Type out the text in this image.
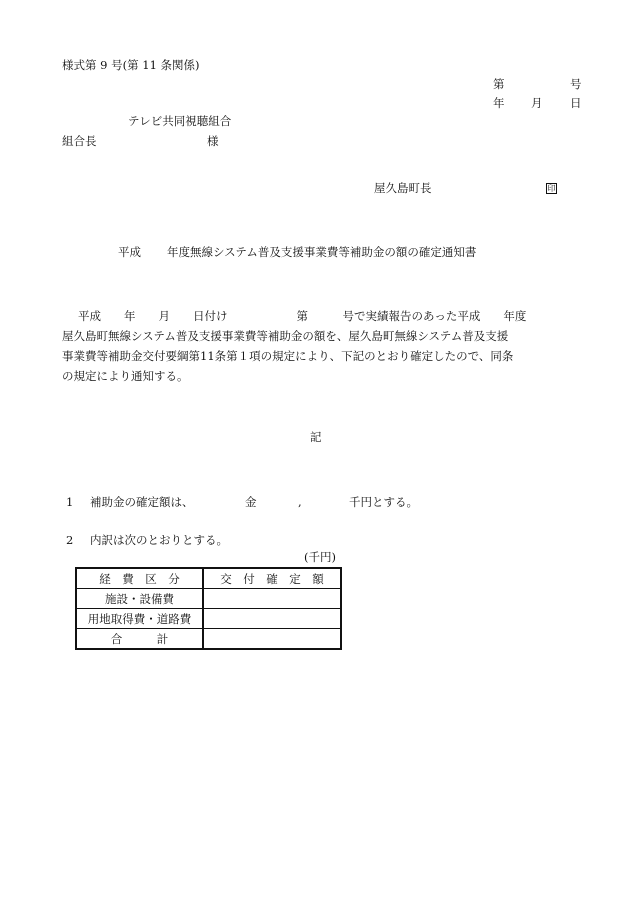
様式第 9 号(第 11 条関係)
第	号
年 月 日
テレビ共同視聴組合
組合長	様
屋久島町長	印
平成 年度無線システム普及支援事業費等補助金の額の確定通知書
平成　　年　　月　　日付け　　　　　　第　　　号で実績報告のあった平成　　年度
屋久島町無線システム普及支援事業費等補助金の額を、屋久島町無線システム普及支援
事業費等補助金交付要綱第11条第１項の規定により、下記のとおり確定したので、同条
の規定により通知する。
記
1 補助金の確定額は、	金	,	千円とする。
2 内訳は次のとおりとする。
(千円)
経　費　区　分	交　付　確　定　額
施設・設備費	
用地取得費・道路費	
合　　　計	
